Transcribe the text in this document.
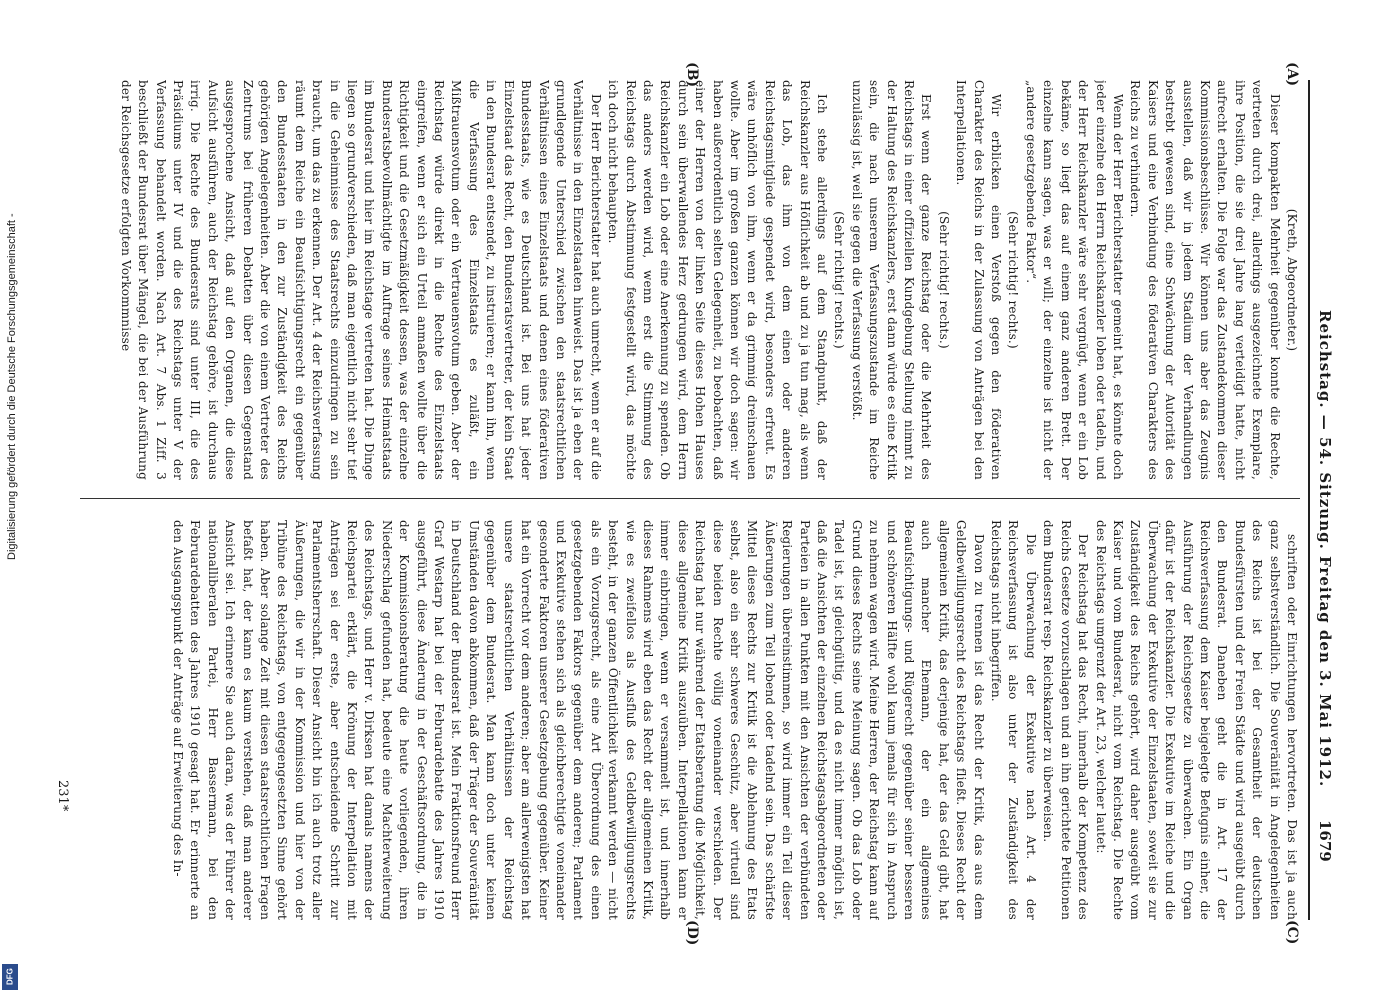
Reichstag. — 54. Sitzung. Freitag den 3. Mai 1912.
1679
(A)
(B)
(C)
(D)

(Kreth, Abgeordneter.)

Dieser kompakten Mehrheit gegenüber konnte die Rechte, vertreten durch drei, allerdings ausgezeichnete Exemplare, ihre Position, die sie drei Jahre lang verteidigt hatte, nicht aufrecht erhalten. Die Folge war das Zustandekommen dieser Kommissionsbeschlüsse. Wir können uns aber das Zeugnis ausstellen, daß wir in jedem Stadium der Verhandlungen bestrebt gewesen sind, eine Schwächung der Autorität des Kaisers und eine Verbindung des föderativen Charakters des Reichs zu verhindern.

Wenn der Herr Berichterstatter gemeint hat, es könnte doch jeder einzelne den Herrn Reichskanzler loben oder tadeln, und der Herr Reichskanzler wäre sehr vergnügt, wenn er ein Lob bekäme, so liegt das auf einem ganz anderen Brett. Der einzelne kann sagen, was er will; der einzelne ist nicht der „andere gesetzgebende Faktor“.

(Sehr richtig! rechts.)

Wir erblicken einen Verstoß gegen den föderativen Charakter des Reichs in der Zulassung von Anträgen bei den Interpellationen.

(Sehr richtig! rechts.)

Erst wenn der ganze Reichstag oder die Mehrheit des Reichstags in einer offiziellen Kundgebung Stellung nimmt zu der Haltung des Reichskanzlers, erst dann würde es eine Kritik sein, die nach unserem Verfassungszustande im Reiche unzulässig ist, weil sie gegen die Verfassung verstößt.

(Sehr richtig! rechts.)

Ich stehe allerdings auf dem Standpunkt, daß der Reichskanzler aus Höflichkeit ab und zu ja tun mag, als wenn das Lob, das ihm von dem einen oder anderen Reichstagsmitgliede gespendet wird, besonders erfreut. Es wäre unhöflich von ihm, wenn er da grimmig dreinschauen wollte. Aber im großen ganzen können wir doch sagen: wir haben außerordentlich selten Gelegenheit, zu beobachten, daß einer der Herren von der linken Seite dieses Hohen Hauses durch sein überwallendes Herz gedrungen wird, dem Herrn Reichskanzler ein Lob oder eine Anerkennung zu spenden. Ob das anders werden wird, wenn erst die Stimmung des Reichstags durch Abstimmung festgestellt wird, das möchte ich doch nicht behaupten.

Der Herr Berichterstatter hat auch umrecht, wenn er auf die Verhältnisse in den Einzelstaaten hinweist. Das ist ja eben der grundlegende Unterschied zwischen den staatsrechtlichen Verhältnissen eines Einzelstaats und denen eines föderativen Bundesstaats, wie es Deutschland ist. Bei uns hat jeder Einzelstaat das Recht, den Bundesratsvertreter, der kein Staat in den Bundesrat entsendet, zu instruieren; er kann ihn, wenn die Verfassung des Einzelstaats es zuläßt, ein Mißtrauensvotum oder ein Vertrauensvotum geben. Aber der Reichstag würde direkt in die Rechte des Einzelstaats eingreifen, wenn er sich ein Urteil anmaßen wollte über die Richtigkeit und die Gesetzmäßigkeit dessen, was der einzelne Bundesratsbevollmächtigte im Auftrage seines Heimatstaats im Bundesrat und hier im Reichstage vertreten hat. Die Dinge liegen so grundverschieden, daß man eigentlich nicht sehr tief in die Geheimnisse des Staatsrechts einzudringen zu sein braucht, um das zu erkennen. Der Art. 4 der Reichsverfassung räumt dem Reiche ein Beaufsichtigungsrecht ein gegenüber den Bundesstaaten in den zur Zuständigkeit des Reichs gehörigen Angelegenheiten. Aber die von einem Vertreter des Zentrums bei früheren Debatten über diesen Gegenstand ausgesprochene Ansicht, daß auf den Organen, die diese Aufsicht ausführen, auch der Reichstag gehöre, ist durchaus irrig. Die Rechte des Bundesrats sind unter III, die des Präsidiums unter IV und die des Reichstags unter V der Verfassung behandelt worden. Nach Art. 7 Abs. 1 Ziff. 3 beschließt der Bundesrat über Mängel, die bei der Ausführung der Reichsgesetze erfolgten Vorkommnisse

schriften oder Einrichtungen hervortreten. Das ist ja auch ganz selbstverständlich. Die Souveränität in Angelegenheiten des Reichs ist bei der Gesamtheit der deutschen Bundesfürsten und der Freien Städte und wird ausgeübt durch den Bundesrat. Daneben geht die in Art. 17 der Reichsverfassung dem Kaiser beigelegte Befugnis einher, die Ausführung der Reichsgesetze zu überwachen. Ein Organ dafür ist der Reichskanzler. Die Exekutive im Reiche und die Überwachung der Exekutive der Einzelstaaten, soweit sie zur Zuständigkeit des Reichs gehört, wird daher ausgeübt vom Kaiser und vom Bundesrat, nicht vom Reichstag. Die Rechte des Reichstags umgrenzt der Art. 23, welcher lautet:

Der Reichstag hat das Recht, innerhalb der Kompetenz des Reichs Gesetze vorzuschlagen und an ihn gerichtete Petitionen dem Bundesrat resp. Reichskanzler zu überweisen.

Die Überwachung der Exekutive nach Art. 4 der Reichsverfassung ist also unter der Zuständigkeit des Reichstags nicht inbegriffen.

Davon zu trennen ist das Recht der Kritik, das aus dem Geldbewilligungsrecht des Reichstags fließt. Dieses Recht der allgemeinen Kritik, das derjenige hat, der das Geld gibt, hat auch mancher Ehemann, der ein allgemeines Beaufsichtigungs- und Rügerecht gegenüber seiner besseren und schöneren Hälfte wohl kaum jemals für sich in Anspruch zu nehmen wagen wird. Meine Herren, der Reichstag kann auf Grund dieses Rechts seine Meinung sagen. Ob das Lob oder Tadel ist, ist gleichgültig, und da es nicht immer möglich ist, daß die Ansichten der einzelnen Reichstagsabgeordneten oder Parteien in allen Punkten mit den Ansichten der verbündeten Regierungen übereinstimmen, so wird immer ein Teil dieser Äußerungen zum Teil lobend oder tadelnd sein. Das schärfste Mittel dieses Rechts zur Kritik ist die Ablehnung des Etats selbst, also ein sehr schweres Geschütz, aber virtuell sind diese beiden Rechte völlig voneinander verschieden. Der Reichstag hat nur während der Etatsberatung die Möglichkeit, diese allgemeine Kritik auszuüben. Interpellationen kann er immer einbringen, wenn er versammelt ist, und innerhalb dieses Rahmens wird eben das Recht der allgemeinen Kritik, wie es zweifellos als Ausfluß des Geldbewilligungsrechts besteht, in der ganzen Öffentlichkeit verkannt werden — nicht als ein Vorzugsrecht, als eine Art Überordnung des einen gesetzgebenden Faktors gegenüber dem anderen; Parlament und Exekutive stehen sich als gleichberechtigte voneinander gesonderte Faktoren unserer Gesetzgebung gegenüber. Keiner hat ein Vorrecht vor dem anderen; aber am allerwenigsten hat unsere staatsrechtlichen Verhältnissen der Reichstag gegenüber dem Bundesrat. Man kann doch unter keinen Umständen davon abkommen, daß der Träger der Souveränität in Deutschland der Bundesrat ist. Mein Fraktionsfreund Herr Graf Westarp hat bei der Februardebatte des Jahres 1910 ausgeführt, diese Änderung in der Geschäftsordnung, die in der Kommissionsberatung die heute vorliegenden, ihren Niederschlag gefunden hat, bedeute eine Machterweiterung des Reichstags, und Herr v. Dirksen hat damals namens der Reichspartei erklärt, die Krönung der Interpellation mit Anträgen sei der erste, aber entscheidende Schritt zur Parlamentsherrschaft. Dieser Ansicht bin ich auch trotz aller Äußerungen, die wir in der Kommission und hier von der Tribüne des Reichstags, von entgegengesetzten Sinne gehört haben. Aber solange Zeit mit diesen staatsrechtlichen Fragen befaßt hat, der kann es kaum verstehen, daß man anderer Ansicht sei. Ich erinnere Sie auch daran, was der Führer der nationalliberalen Partei, Herr Bassermann, bei den Februardebatten des Jahres 1910 gesagt hat. Er erinnerte an den Ausgangspunkt der Anträge auf Erweiterung des In-

231*
Digitalisierung gefördert durch die Deutsche Forschungsgemeinschaft -
DFG
